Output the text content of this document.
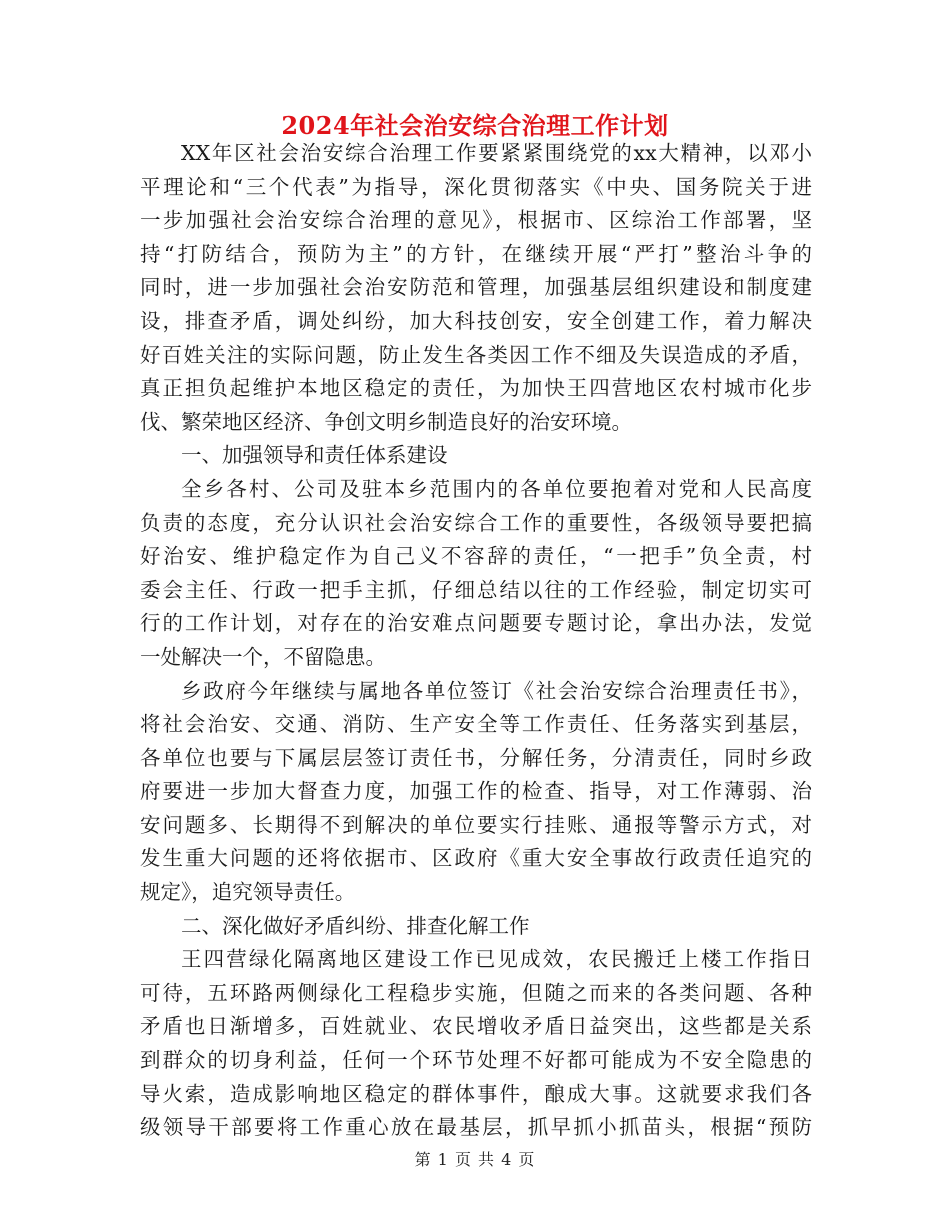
2024年社会治安综合治理工作计划
XX年区社会治安综合治理工作要紧紧围绕党的xx大精神，以邓小
平理论和“三个代表”为指导，深化贯彻落实《中央、国务院关于进
一步加强社会治安综合治理的意见》，根据市、区综治工作部署，坚
持“打防结合，预防为主”的方针，在继续开展“严打”整治斗争的
同时，进一步加强社会治安防范和管理，加强基层组织建设和制度建
设，排查矛盾，调处纠纷，加大科技创安，安全创建工作，着力解决
好百姓关注的实际问题，防止发生各类因工作不细及失误造成的矛盾，
真正担负起维护本地区稳定的责任，为加快王四营地区农村城市化步
伐、繁荣地区经济、争创文明乡制造良好的治安环境。
一、加强领导和责任体系建设
全乡各村、公司及驻本乡范围内的各单位要抱着对党和人民高度
负责的态度，充分认识社会治安综合工作的重要性，各级领导要把搞
好治安、维护稳定作为自己义不容辞的责任，“一把手”负全责，村
委会主任、行政一把手主抓，仔细总结以往的工作经验，制定切实可
行的工作计划，对存在的治安难点问题要专题讨论，拿出办法，发觉
一处解决一个，不留隐患。
乡政府今年继续与属地各单位签订《社会治安综合治理责任书》，
将社会治安、交通、消防、生产安全等工作责任、任务落实到基层，
各单位也要与下属层层签订责任书，分解任务，分清责任，同时乡政
府要进一步加大督查力度，加强工作的检查、指导，对工作薄弱、治
安问题多、长期得不到解决的单位要实行挂账、通报等警示方式，对
发生重大问题的还将依据市、区政府《重大安全事故行政责任追究的
规定》，追究领导责任。
二、深化做好矛盾纠纷、排查化解工作
王四营绿化隔离地区建设工作已见成效，农民搬迁上楼工作指日
可待，五环路两侧绿化工程稳步实施，但随之而来的各类问题、各种
矛盾也日渐增多，百姓就业、农民增收矛盾日益突出，这些都是关系
到群众的切身利益，任何一个环节处理不好都可能成为不安全隐患的
导火索，造成影响地区稳定的群体事件，酿成大事。这就要求我们各
级领导干部要将工作重心放在最基层，抓早抓小抓苗头，根据“预防
第 1 页 共 4 页
